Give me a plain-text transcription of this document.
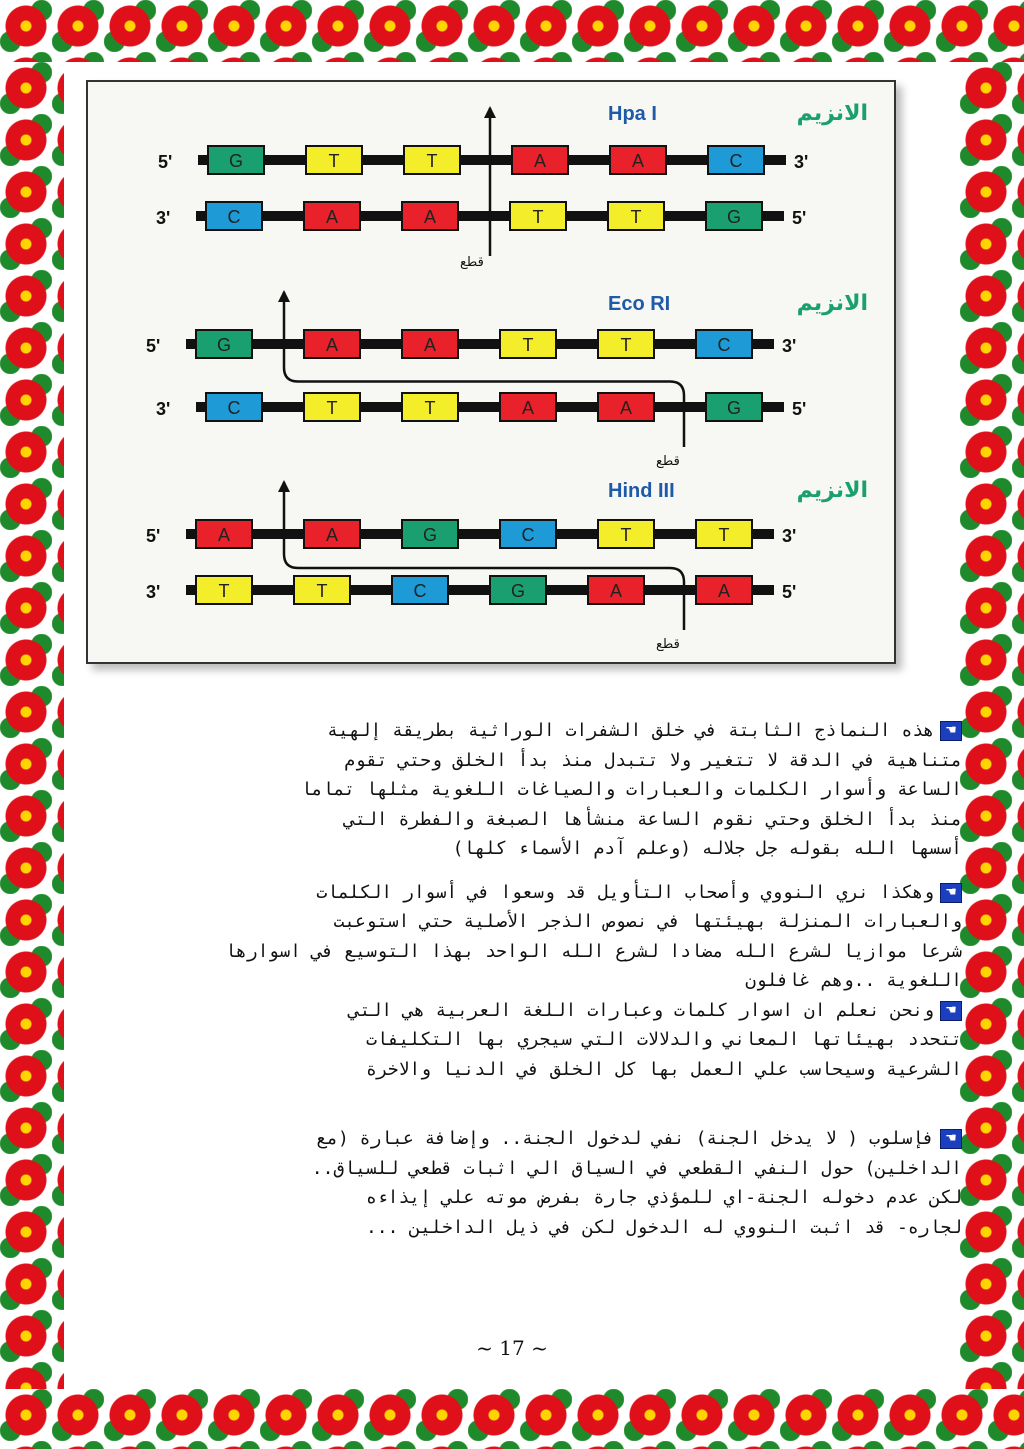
Hpa I	الانزيم
5'	G	T	T	A	A	C	3'
3'	C	A	A	T	T	G	5'
قطع
Eco RI	الانزيم
5'	G	A	A	T	T	C	3'
3'	C	T	T	A	A	G	5'
قطع
Hind III	الانزيم
5'	A	A	G	C	T	T	3'
3'	T	T	C	G	A	A	5'
قطع

☚هذه النماذج الثابتة في خلق الشفرات الوراثية بطريقة إلهية
متناهية في الدقة لا تتغير ولا تتبدل منذ بدأ الخلق وحتي تقوم
الساعة وأسوار الكلمات والعبارات والصياغات اللغوية مثلها تماما
منذ بدأ الخلق وحتي نقوم الساعة منشأها الصبغة والفطرة التي
أسسها الله بقوله جل جلاله (وعلم آدم الأسماء كلها)

☚وهكذا نري النووي وأصحاب التأويل قد وسعوا في أسوار الكلمات
والعبارات المنزلة بهيئتها في نصوص الذجر الأصلية حتي استوعبت
شرعا موازيا لشرع الله مضادا لشرع الله الواحد بهذا التوسيع في اسوارها
اللغوية ..وهم غافلون

☚ونحن نعلم ان اسوار كلمات وعبارات اللغة العربية هي التي
تتحدد بهيئاتها المعاني والدلالات التي سيجري بها التكليفات
الشرعية وسيحاسب علي العمل بها كل الخلق في الدنيا والاخرة

☚فإسلوب ( لا يدخل الجنة) نفي لدخول الجنة.. وإضافة عبارة (مع
الداخلين) حول النفي القطعي في السياق الي اثبات قطعي للسياق..
لكن عدم دخوله الجنة-اي للمؤذي جارة بفرض موته علي إيذاءه
لجاره- قد اثبت النووي له الدخول لكن في ذيل الداخلين ...

~ 17 ~
